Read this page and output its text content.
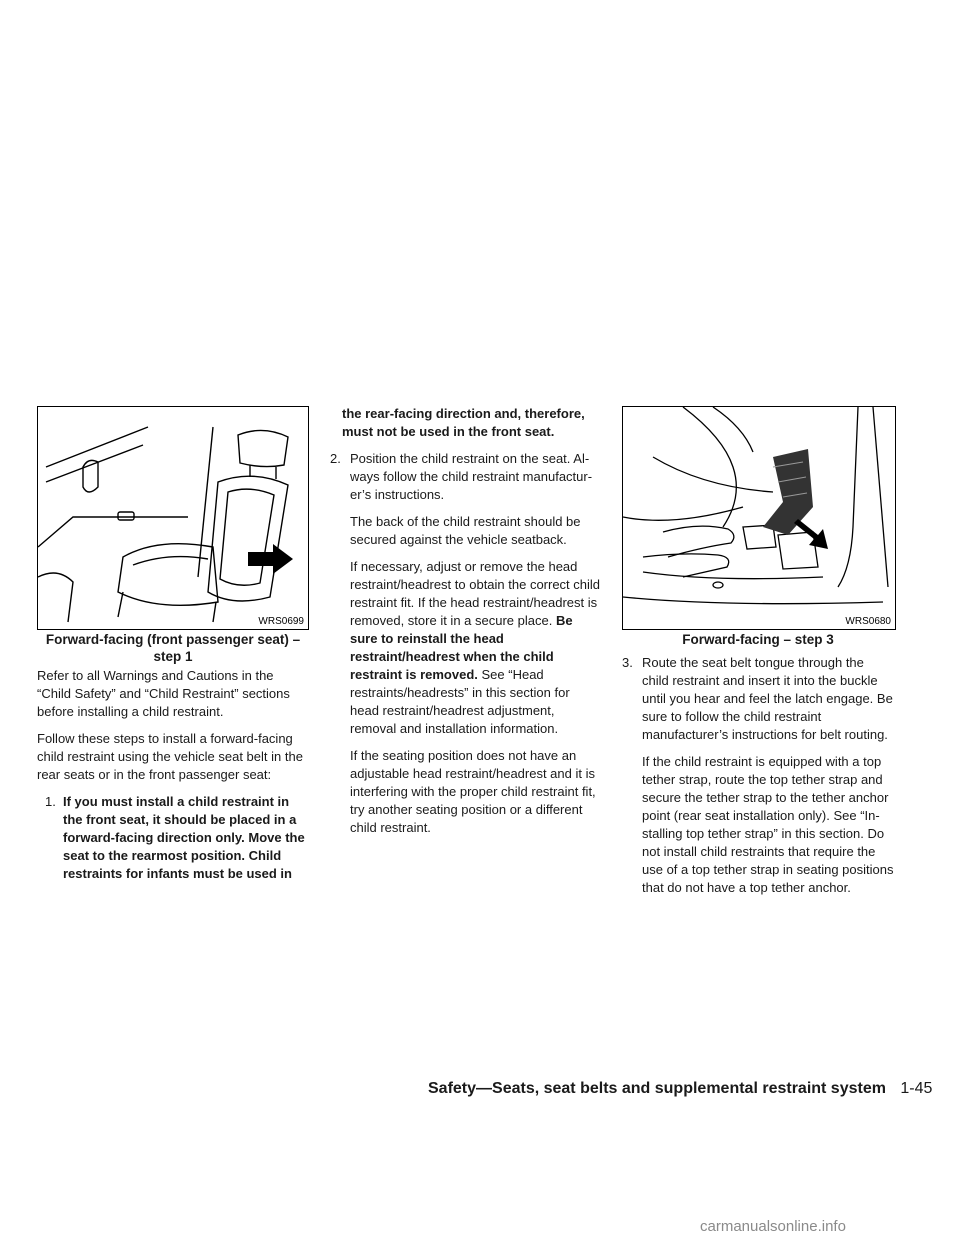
WRS0699
Forward-facing (front passenger seat) –
step 1

Refer to all Warnings and Cautions in the “Child Safety” and “Child Restraint” sections before installing a child restraint.

Follow these steps to install a forward-facing child restraint using the vehicle seat belt in the rear seats or in the front passenger seat:

1. If you must install a child restraint in the front seat, it should be placed in a forward-facing direction only. Move the seat to the rearmost position. Child restraints for infants must be used in

the rear-facing direction and, therefore, must not be used in the front seat.

2. Position the child restraint on the seat. Always follow the child restraint manufacturer’s instructions.

The back of the child restraint should be secured against the vehicle seatback.

If necessary, adjust or remove the head restraint/headrest to obtain the correct child restraint fit. If the head restraint/headrest is removed, store it in a secure place. Be sure to reinstall the head restraint/headrest when the child restraint is removed. See “Head restraints/headrests” in this section for head restraint/headrest adjustment, removal and installation information.

If the seating position does not have an adjustable head restraint/headrest and it is interfering with the proper child restraint fit, try another seating position or a different child restraint.

WRS0680
Forward-facing – step 3
3. Route the seat belt tongue through the child restraint and insert it into the buckle until you hear and feel the latch engage. Be sure to follow the child restraint manufacturer’s instructions for belt routing.

If the child restraint is equipped with a top tether strap, route the top tether strap and secure the tether strap to the tether anchor point (rear seat installation only). See “Installing top tether strap” in this section. Do not install child restraints that require the use of a top tether strap in seating positions that do not have a top tether anchor.

Safety—Seats, seat belts and supplemental restraint system 1-45
carmanualsonline.info
